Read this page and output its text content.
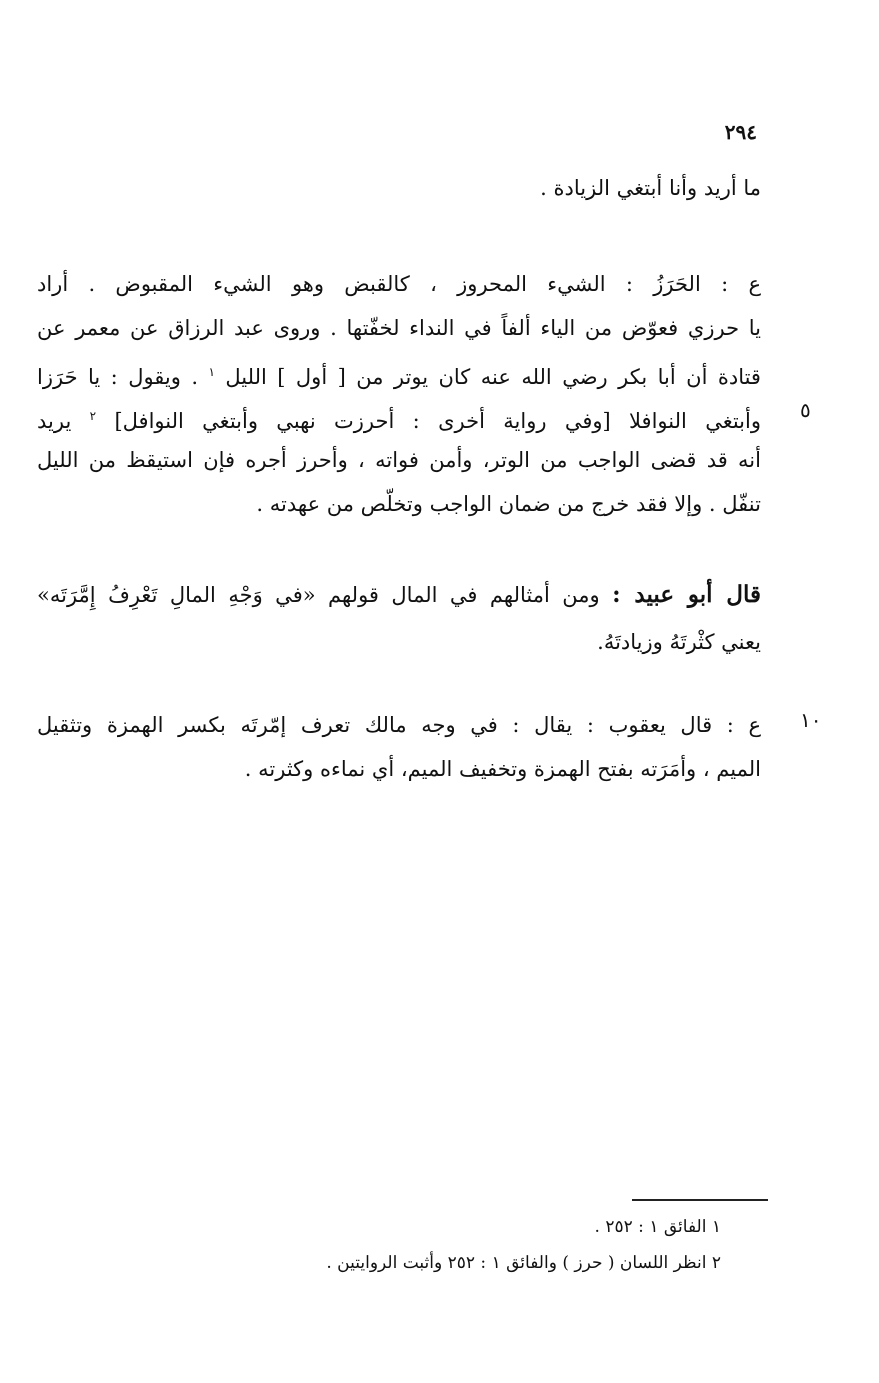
٢٩٤
ما أريد وأنا أبتغي الزيادة .
ع : الحَرَزُ : الشيء المحروز ، كالقبض وهو الشيء المقبوض . أراد
يا حرزي فعوّض من الياء ألفاً في النداء لخفّتها . وروى عبد الرزاق عن معمر عن
قتادة أن أبا بكر رضي الله عنه كان يوتر من [ أول ] الليل $^١$ . ويقول : يا حَرَزا
وأبتغي النوافلا [وفي رواية أخرى : أحرزت نهبي وأبتغي النوافل] $^٢$ يريد	٥
أنه قد قضى الواجب من الوتر، وأمن فواته ، وأحرز أجره فإن استيقظ من الليل
تنفّل . وإلا فقد خرج من ضمان الواجب وتخلّص من عهدته .
قال أبو عبيد : ومن أمثالهم في المال قولهم «في وَجْهِ المالِ تَعْرِفُ إِمَّرَتَه»
يعني كثْرتَهُ وزيادتَهُ.
ع : قال يعقوب : يقال : في وجه مالك تعرف إمّرتَه بكسر الهمزة وتثقيل ١٠
الميم ، وأمَرَته بفتح الهمزة وتخفيف الميم، أي نماءه وكثرته .
١ الفائق ١ : ٢٥٢ .
٢ انظر اللسان ( حرز ) والفائق ١ : ٢٥٢ وأثبت الروايتين .
